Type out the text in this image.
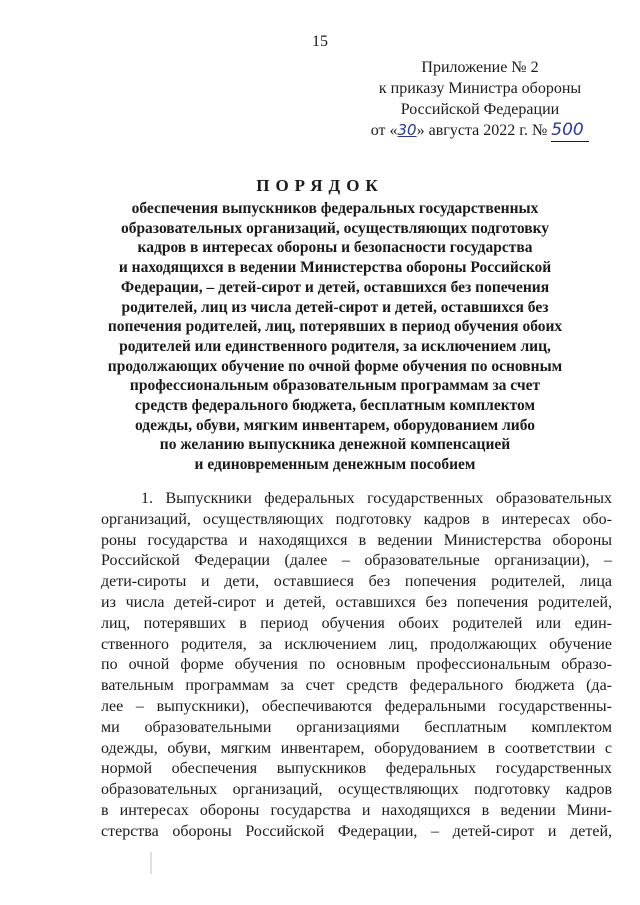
15
Приложение № 2
к приказу Министра обороны
Российской Федерации
от «30» августа 2022 г. № 500
ПОРЯДОК
обеспечения выпускников федеральных государственных
образовательных организаций, осуществляющих подготовку
кадров в интересах обороны и безопасности государства
и находящихся в ведении Министерства обороны Российской
Федерации, – детей-сирот и детей, оставшихся без попечения
родителей, лиц из числа детей-сирот и детей, оставшихся без
попечения родителей, лиц, потерявших в период обучения обоих
родителей или единственного родителя, за исключением лиц,
продолжающих обучение по очной форме обучения по основным
профессиональным образовательным программам за счет
средств федерального бюджета, бесплатным комплектом
одежды, обуви, мягким инвентарем, оборудованием либо
по желанию выпускника денежной компенсацией
и единовременным денежным пособием
1. Выпускники федеральных государственных образовательных
организаций, осуществляющих подготовку кадров в интересах обо-
роны государства и находящихся в ведении Министерства обороны
Российской Федерации (далее – образовательные организации), –
дети-сироты и дети, оставшиеся без попечения родителей, лица
из числа детей-сирот и детей, оставшихся без попечения родителей,
лиц, потерявших в период обучения обоих родителей или един-
ственного родителя, за исключением лиц, продолжающих обучение
по очной форме обучения по основным профессиональным образо-
вательным программам за счет средств федерального бюджета (да-
лее – выпускники), обеспечиваются федеральными государственны-
ми образовательными организациями бесплатным комплектом
одежды, обуви, мягким инвентарем, оборудованием в соответствии с
нормой обеспечения выпускников федеральных государственных
образовательных организаций, осуществляющих подготовку кадров
в интересах обороны государства и находящихся в ведении Мини-
стерства обороны Российской Федерации, – детей-сирот и детей,
